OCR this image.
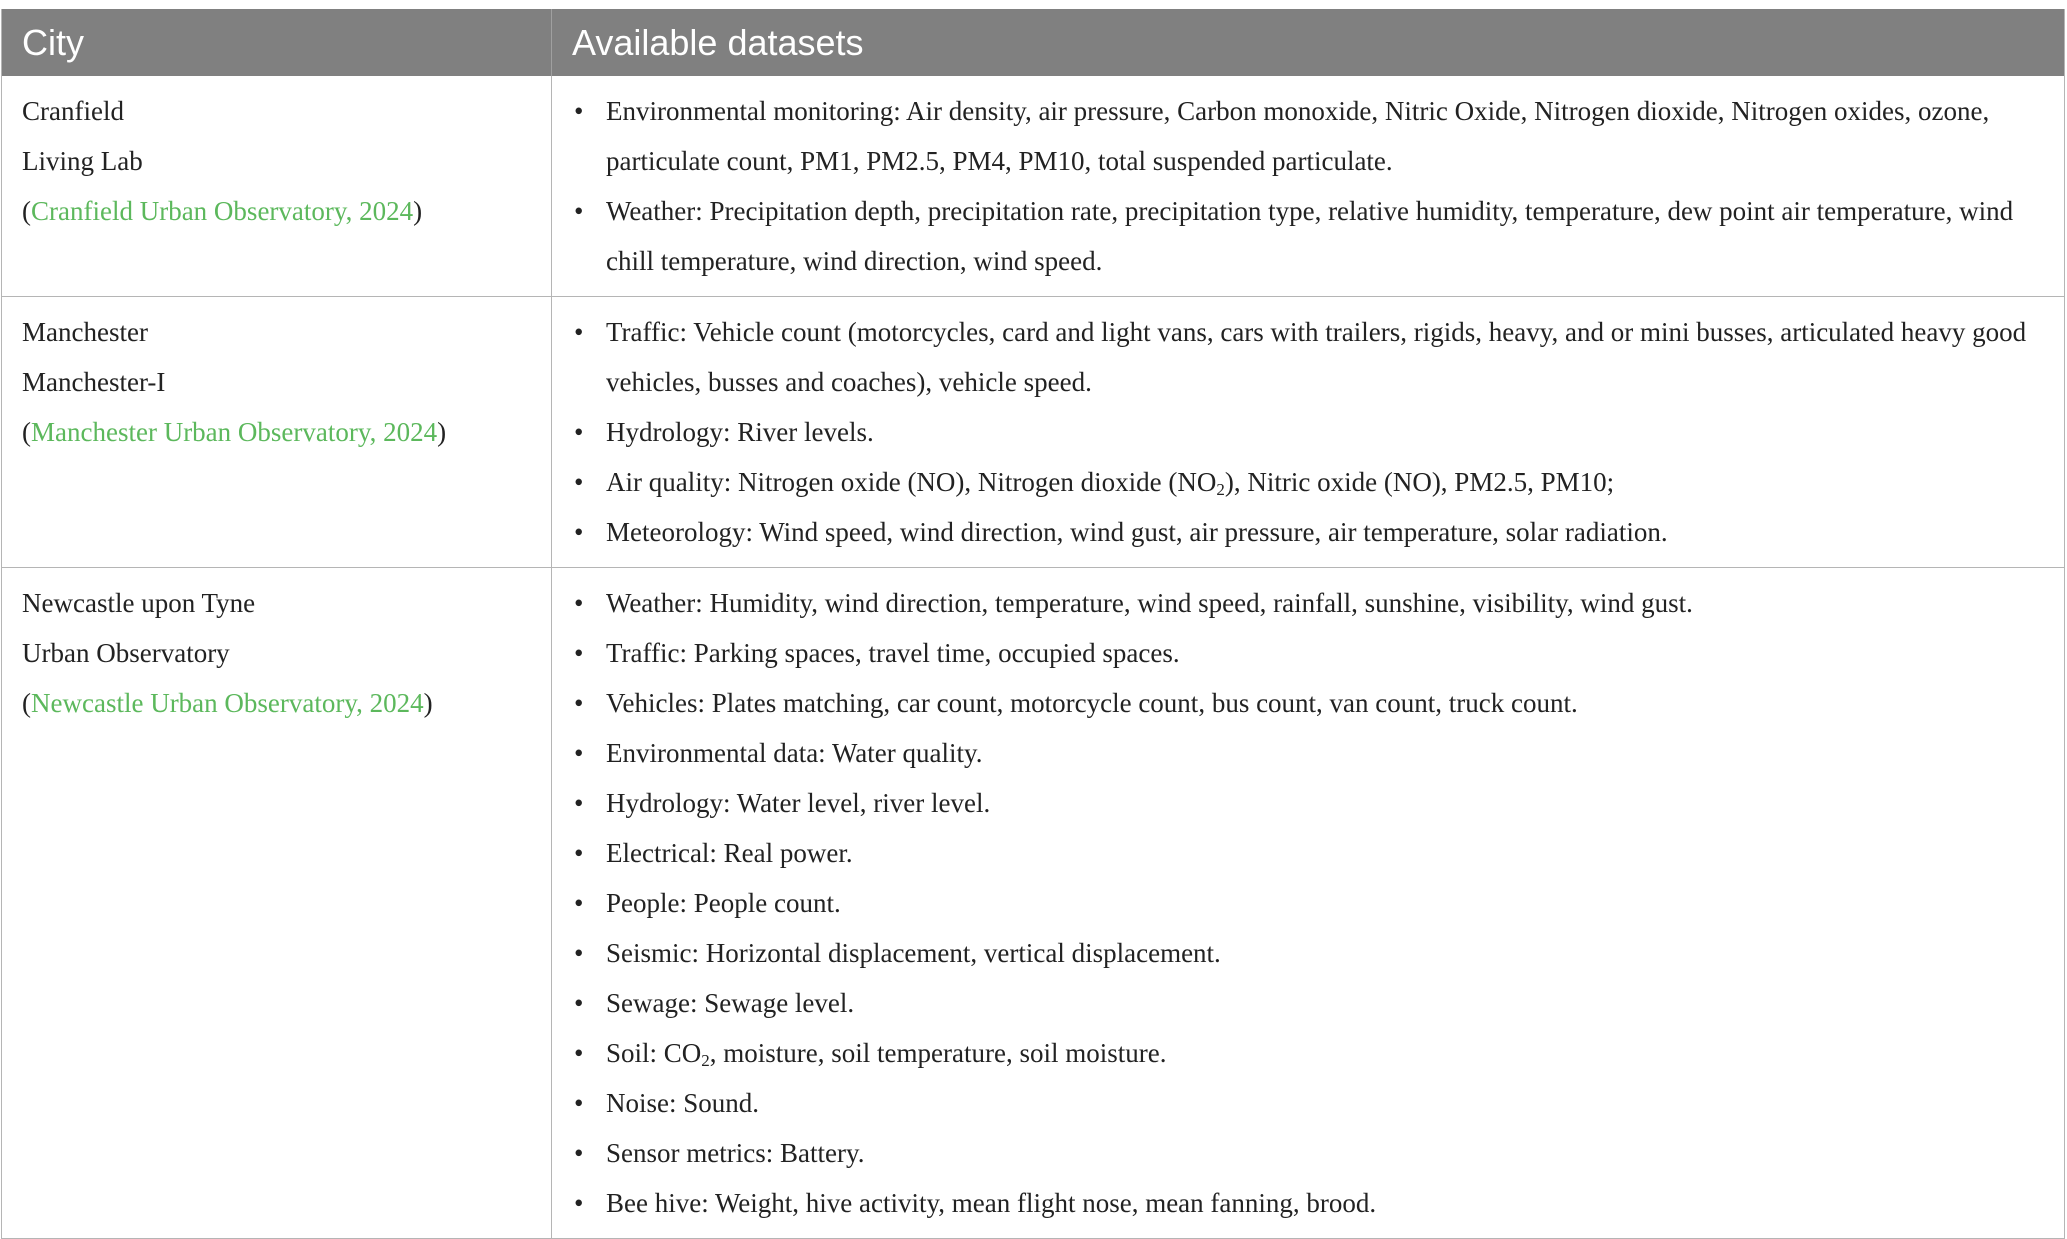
City	Available datasets
Cranfield
Living Lab
(Cranfield Urban Observatory, 2024)
• Environmental monitoring: Air density, air pressure, Carbon monoxide, Nitric Oxide, Nitrogen dioxide, Nitrogen oxides, ozone, particulate count, PM1, PM2.5, PM4, PM10, total suspended particulate.
• Weather: Precipitation depth, precipitation rate, precipitation type, relative humidity, temperature, dew point air temperature, wind chill temperature, wind direction, wind speed.
Manchester
Manchester-I
(Manchester Urban Observatory, 2024)
• Traffic: Vehicle count (motorcycles, card and light vans, cars with trailers, rigids, heavy, and or mini busses, articulated heavy good vehicles, busses and coaches), vehicle speed.
• Hydrology: River levels.
• Air quality: Nitrogen oxide (NO), Nitrogen dioxide $(NO_2)$, Nitric oxide (NO), PM2.5, PM10;
• Meteorology: Wind speed, wind direction, wind gust, air pressure, air temperature, solar radiation.
Newcastle upon Tyne
Urban Observatory
(Newcastle Urban Observatory, 2024)
• Weather: Humidity, wind direction, temperature, wind speed, rainfall, sunshine, visibility, wind gust.
• Traffic: Parking spaces, travel time, occupied spaces.
• Vehicles: Plates matching, car count, motorcycle count, bus count, van count, truck count.
• Environmental data: Water quality.
• Hydrology: Water level, river level.
• Electrical: Real power.
• People: People count.
• Seismic: Horizontal displacement, vertical displacement.
• Sewage: Sewage level.
• Soil: $CO_2$, moisture, soil temperature, soil moisture.
• Noise: Sound.
• Sensor metrics: Battery.
• Bee hive: Weight, hive activity, mean flight nose, mean fanning, brood.
